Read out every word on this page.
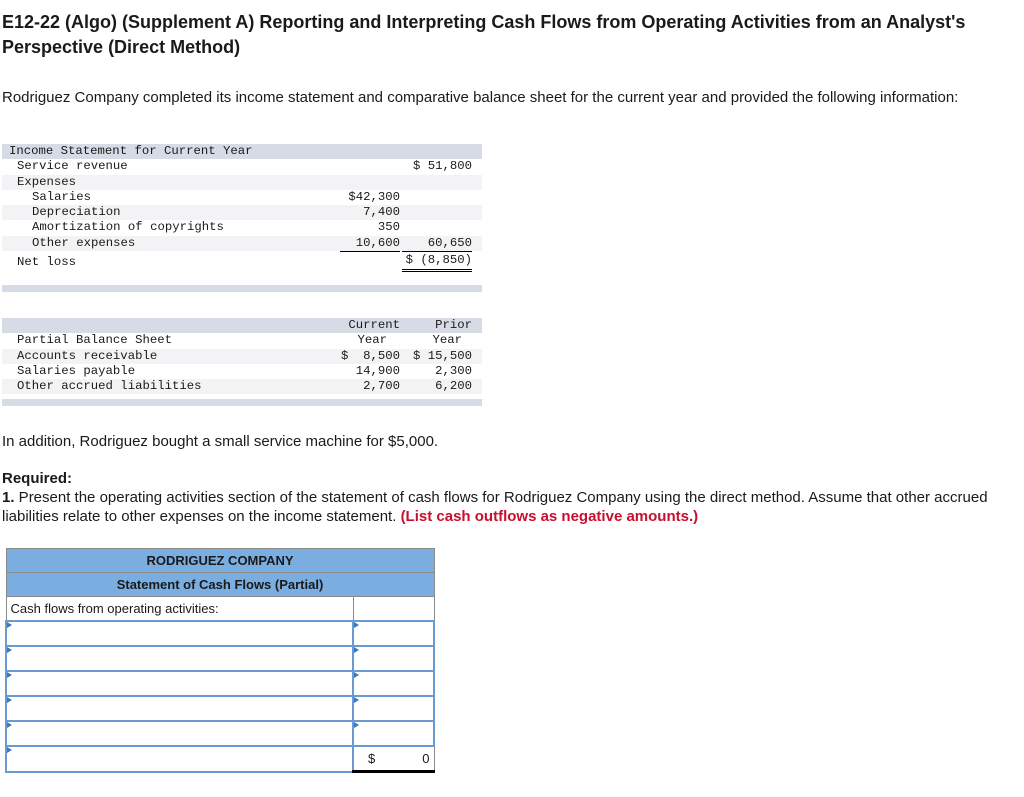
E12-22 (Algo) (Supplement A) Reporting and Interpreting Cash Flows from Operating Activities from an Analyst's Perspective (Direct Method)
Rodriguez Company completed its income statement and comparative balance sheet for the current year and provided the following information:
Income Statement for Current Year
Service revenue	$ 51,800
Expenses
Salaries	$42,300
Depreciation	7,400
Amortization of copyrights	350
Other expenses	10,600	60,650
Net loss	$ (8,850)
Current	Prior
Partial Balance Sheet	Year	Year
Accounts receivable	$  8,500 $ 15,500
Salaries payable	14,900	2,300
Other accrued liabilities	2,700	6,200
In addition, Rodriguez bought a small service machine for $5,000.
Required:
1. Present the operating activities section of the statement of cash flows for Rodriguez Company using the direct method. Assume that other accrued liabilities relate to other expenses on the income statement. (List cash outflows as negative amounts.)
RODRIGUEZ COMPANY	
Statement of Cash Flows (Partial)	
Cash flows from operating activities:	

	$ 0
